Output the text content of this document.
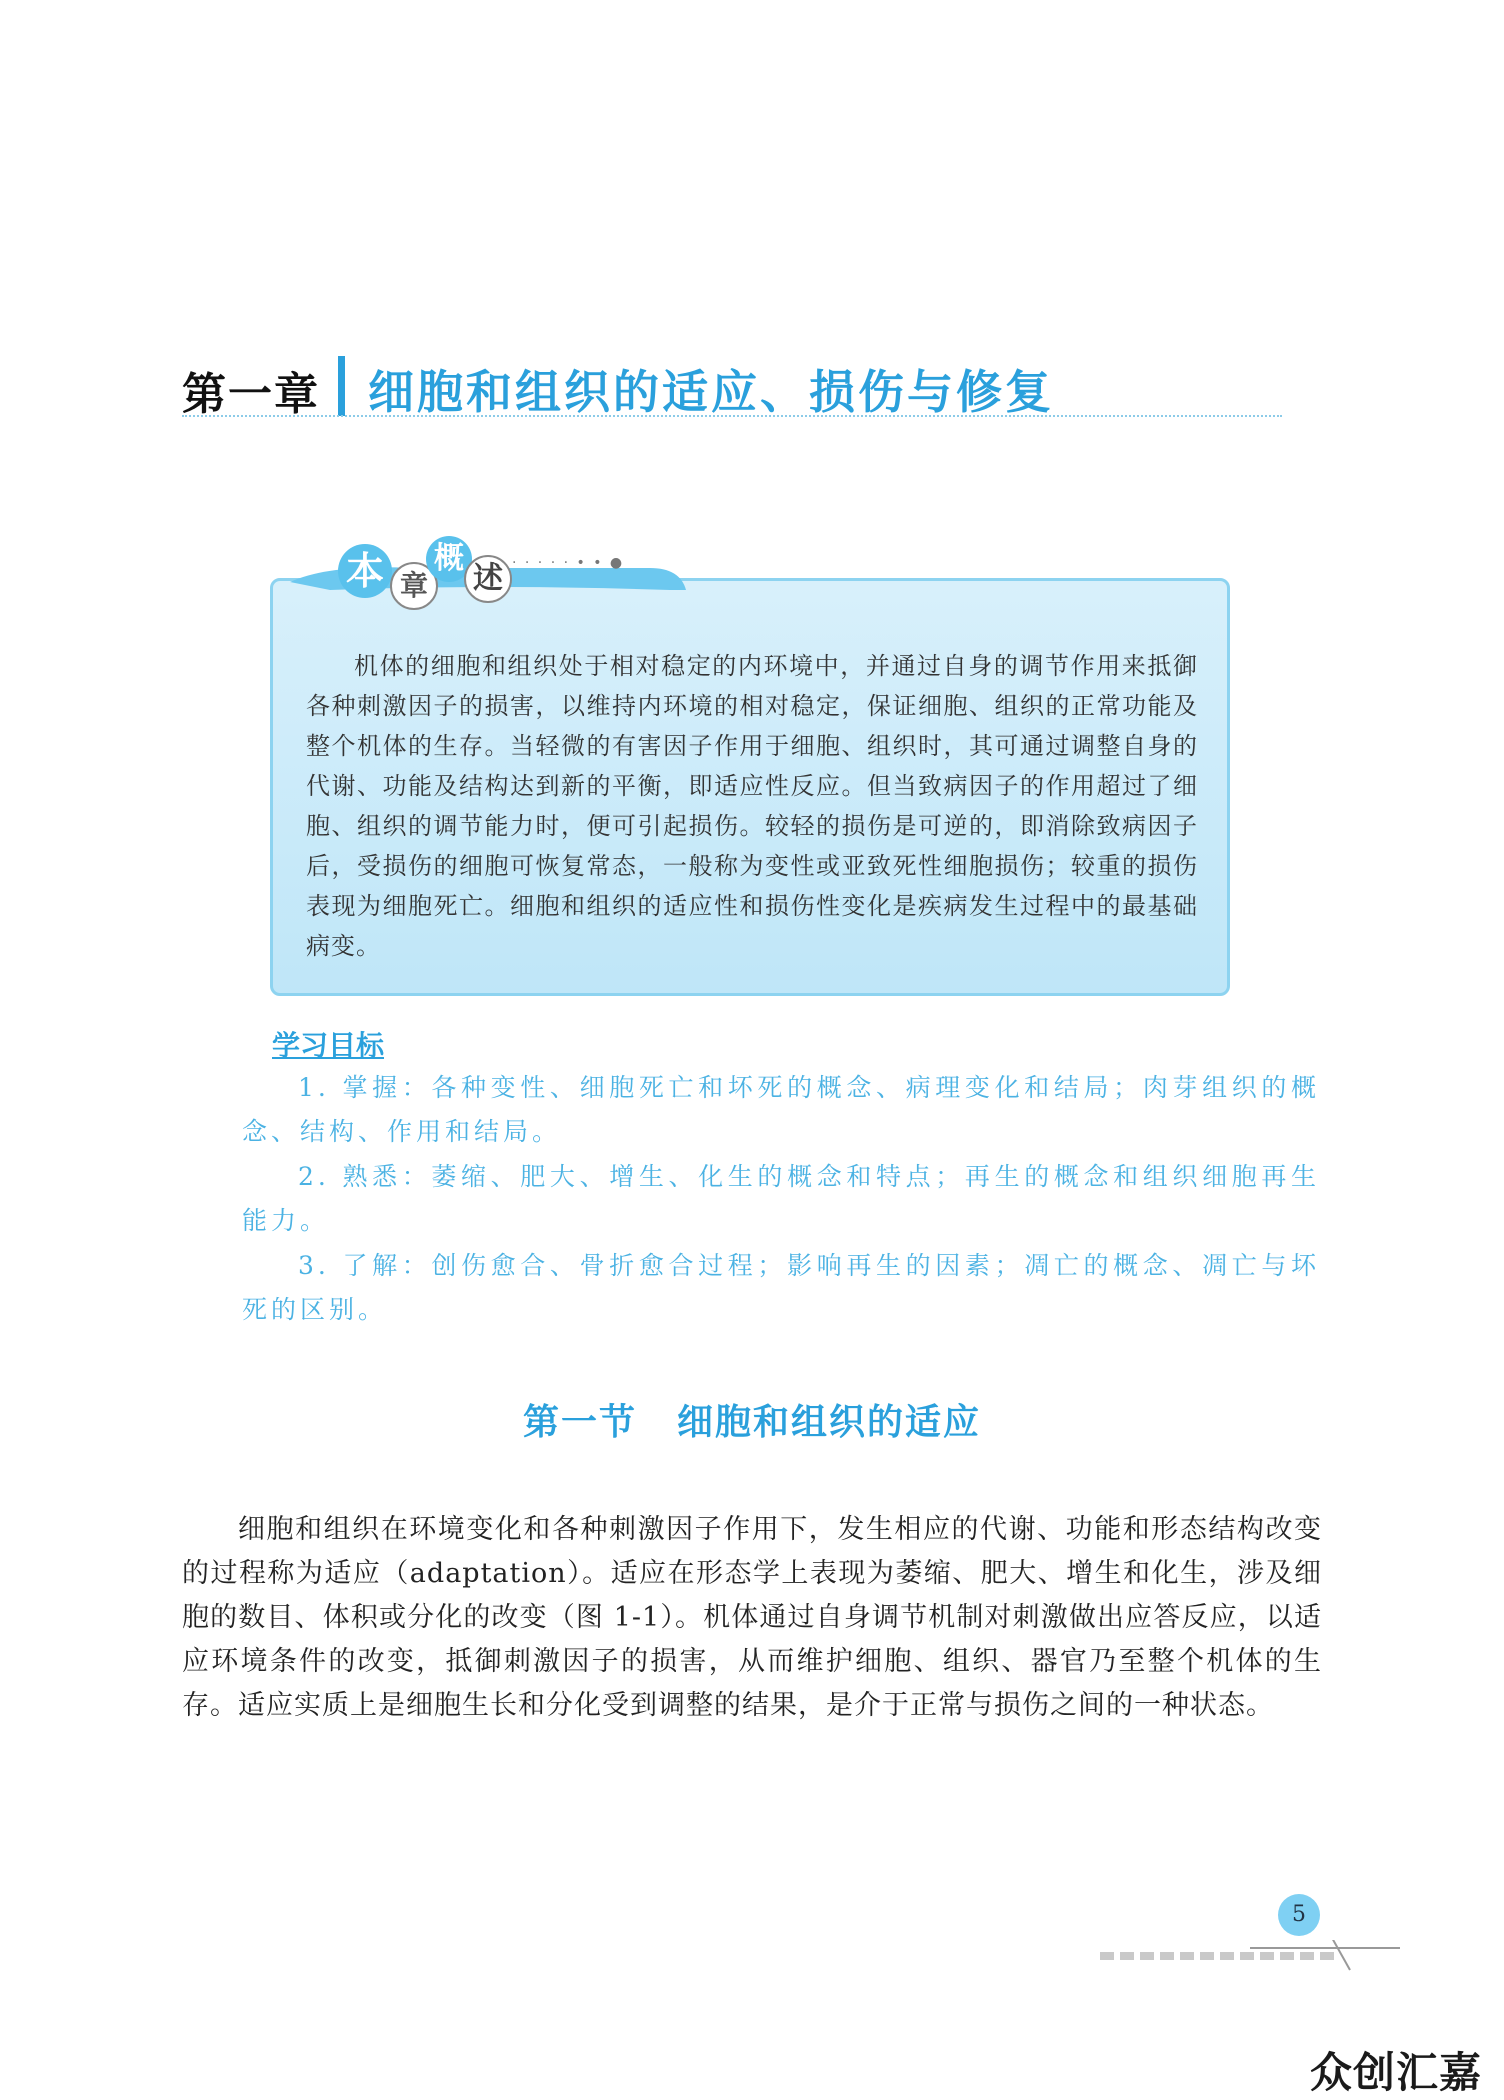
第一章 细胞和组织的适应、损伤与修复
本 章
概
述 · · · · · • • ●
机体的细胞和组织处于相对稳定的内环境中，并通过自身的调节作用来抵御各种刺激因子的损害，以维持内环境的相对稳定，保证细胞、组织的正常功能及整个机体的生存。当轻微的有害因子作用于细胞、组织时，其可通过调整自身的代谢、功能及结构达到新的平衡，即适应性反应。但当致病因子的作用超过了细胞、组织的调节能力时，便可引起损伤。较轻的损伤是可逆的，即消除致病因子后，受损伤的细胞可恢复常态，一般称为变性或亚致死性细胞损伤；较重的损伤表现为细胞死亡。细胞和组织的适应性和损伤性变化是疾病发生过程中的最基础病变。
学习目标
1. 掌握：各种变性、细胞死亡和坏死的概念、病理变化和结局；肉芽组织的概念、结构、作用和结局。
2. 熟悉：萎缩、肥大、增生、化生的概念和特点；再生的概念和组织细胞再生能力。
3. 了解：创伤愈合、骨折愈合过程；影响再生的因素；凋亡的概念、凋亡与坏死的区别。
第一节 细胞和组织的适应
细胞和组织在环境变化和各种刺激因子作用下，发生相应的代谢、功能和形态结构改变的过程称为适应（adaptation）。适应在形态学上表现为萎缩、肥大、增生和化生，涉及细胞的数目、体积或分化的改变（图 1-1）。机体通过自身调节机制对刺激做出应答反应，以适应环境条件的改变，抵御刺激因子的损害，从而维护细胞、组织、器官乃至整个机体的生存。适应实质上是细胞生长和分化受到调整的结果，是介于正常与损伤之间的一种状态。
5
众创汇嘉
